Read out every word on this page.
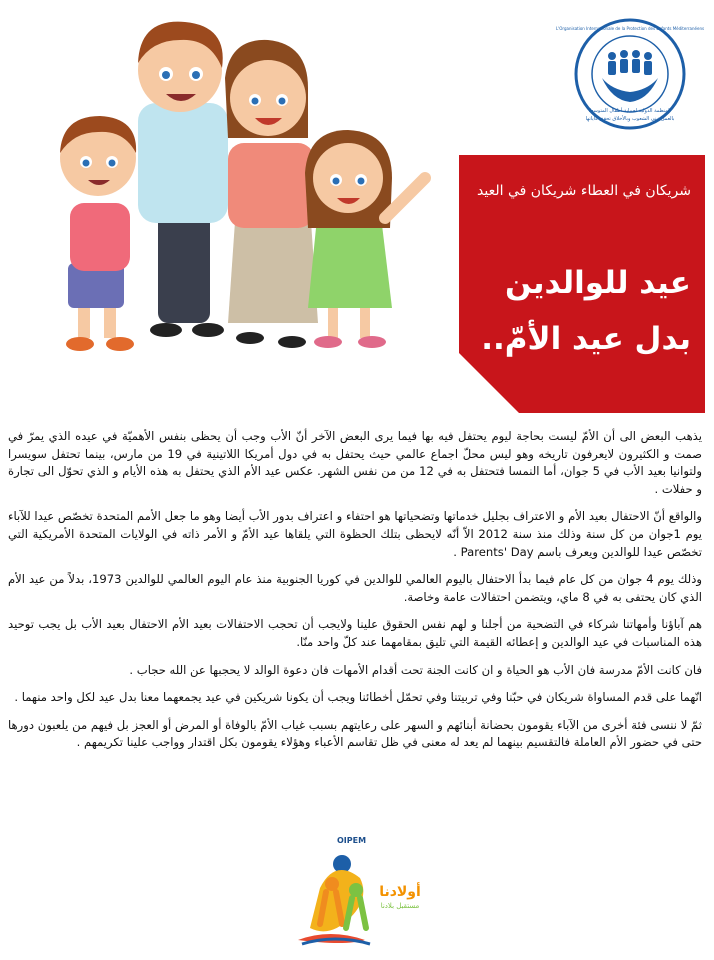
بالعمل تبنى الشعوب وبالأخلاق تحقق غاياتها
L'Organisation Internationale de la Protection des Enfants Méditerranéens
المنظمة الدولية لحماية أطفال المتوسط
شريكان في العطاء شريكان في العيد
عيد للوالدين
بدل عيد الأمّ..

يذهب البعض الى أن الأمّ ليست بحاجة ليوم يحتفل فيه بها فيما يرى البعض الآخر أنّ الأب وجب أن يحظى بنفس الأهميّة في عيده الذي يمرّ في صمت و الكثيرون لايعرفون تاريخه وهو ليس محلّ اجماع عالمي حيث يحتفل به في دول أمريكا اللاتينية في 19 من مارس، بينما تحتفل سويسرا ولتوانيا بعيد الأب في 5 جوان، أما النمسا فتحتفل به في 12 من من نفس الشهر. عكس عيد الأم الذي يحتفل به هذه الأيام و الذي تحوّل الى تجارة و حفلات .

والواقع أنّ الاحتفال بعيد الأم و الاعتراف بجليل خدماتها وتضحياتها هو احتفاء و اعتراف بدور الأب أيضا وهو ما جعل الأمم المتحدة تخصّص عيدا للآباء يوم 1جوان من كل سنة وذلك منذ سنة 2012 الاّ أنّه لايحظى بتلك الحظوة التي يلقاها عيد الأمّ و الأمر ذاته في الولايات المتحدة الأمريكية التي تخصّص عيدا للوالدين ويعرف باسم Parents' Day .

وذلك يوم 4 جوان من كل عام فيما بدأ الاحتفال باليوم العالمي للوالدين في كوريا الجنوبية منذ عام اليوم العالمي للوالدين 1973، بدلاً من عيد الأم الذي كان يحتفى به في 8 ماي، ويتضمن احتفالات عامة وخاصة.

هم آباؤنا وأمهاتنا شركاء في التضحية من أجلنا و لهم نفس الحقوق علينا ولايجب أن تحجب الاحتفالات بعيد الأم الاحتفال بعيد الأب بل يجب توحيد هذه المناسبات في عيد الوالدين و إعطائه القيمة التي تليق بمقامهما عند كلّ واحد منّا.

فان كانت الأمّ مدرسة فان الأب هو الحياة و ان كانت الجنة تحت أقدام الأمهات فان دعوة الوالد لا يحجبها عن الله حجاب .

انّهما على قدم المساواة شريكان في حبّنا وفي تربيتنا وفي تحمّل أخطائنا ويجب أن يكونا شريكين في عيد يجمعهما معنا بدل عيد لكل واحد منهما .

ثمّ لا ننسى فئة أخرى من الآباء يقومون بحضانة أبنائهم و السهر على رعايتهم بسبب غياب الأمّ بالوفاة أو المرض أو العجز بل فيهم من يلعبون دورها حتى في حضور الأم العاملة فالتقسيم بينهما لم يعد له معنى في ظل تقاسم الأعباء وهؤلاء يقومون بكل اقتدار وواجب علينا تكريمهم .

OIPEM
أولادنا
مستقبل بلادنا
